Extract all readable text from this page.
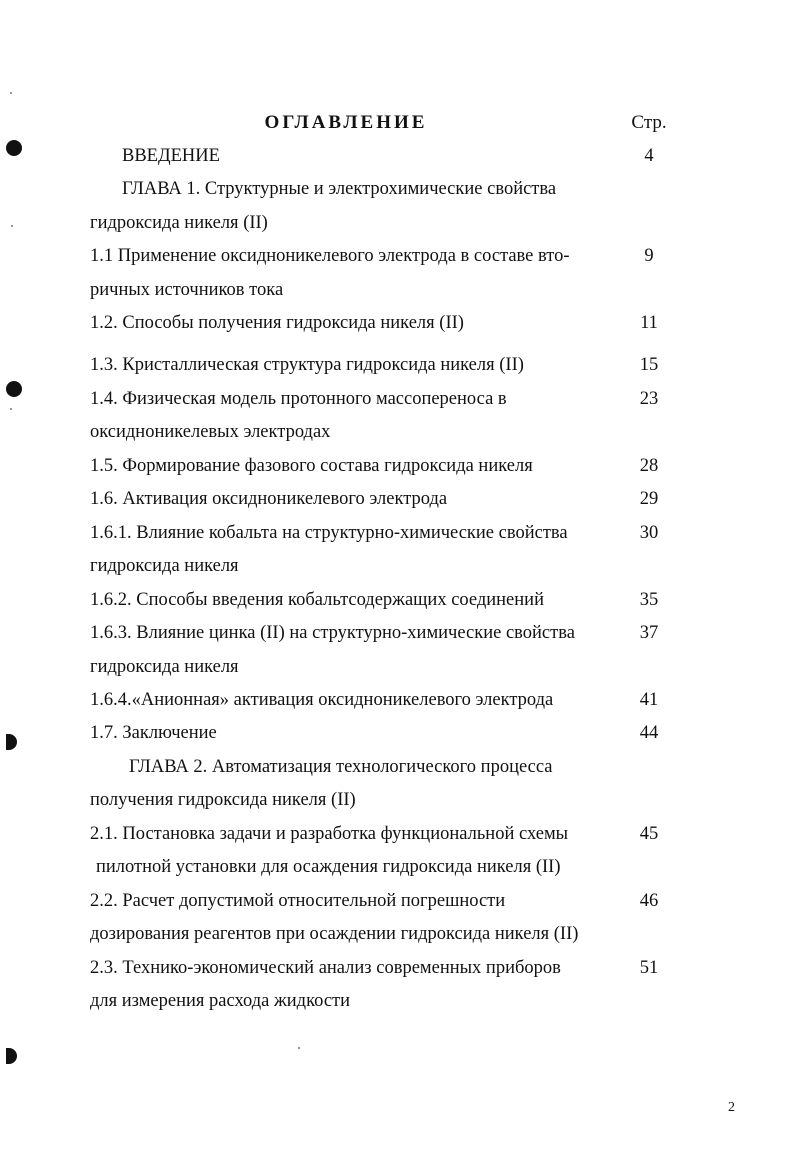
ОГЛАВЛЕНИЕ	Стр.
ВВЕДЕНИЕ	4
ГЛАВА 1. Структурные и электрохимические свойства
гидроксида никеля (II)
1.1 Применение оксидноникелевого электрода в составе вто-	9
ричных источников тока
1.2. Способы получения гидроксида никеля (II)	11
1.3. Кристаллическая структура гидроксида никеля (II)	15
1.4. Физическая модель протонного массопереноса в	23
оксидноникелевых электродах
1.5. Формирование фазового состава гидроксида никеля	28
1.6. Активация оксидноникелевого электрода	29
1.6.1. Влияние кобальта на структурно-химические свойства	30
гидроксида никеля
1.6.2. Способы введения кобальтсодержащих соединений	35
1.6.3. Влияние цинка (II) на структурно-химические свойства	37
гидроксида никеля
1.6.4.«Анионная» активация оксидноникелевого электрода	41
1.7. Заключение	44
ГЛАВА 2. Автоматизация технологического процесса
получения гидроксида никеля (II)
2.1. Постановка задачи и разработка функциональной схемы	45
пилотной установки для осаждения гидроксида никеля (II)
2.2. Расчет допустимой относительной погрешности	46
дозирования реагентов при осаждении гидроксида никеля (II)
2.3. Технико-экономический анализ современных приборов	51
для измерения расхода жидкости
2
